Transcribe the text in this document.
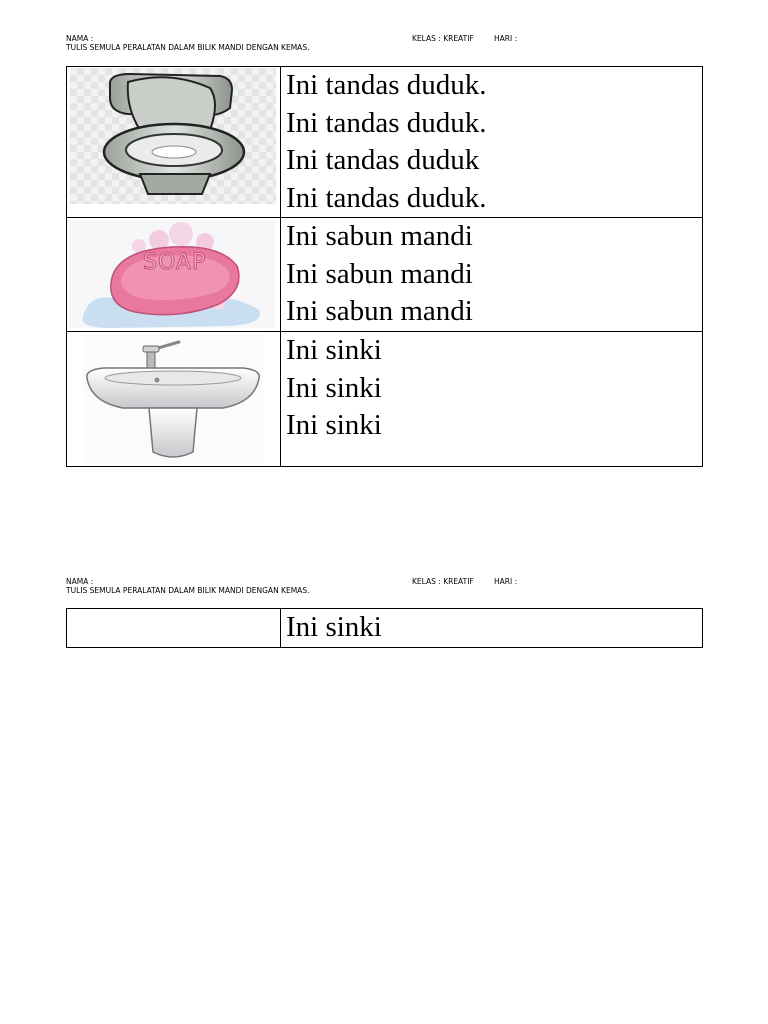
NAMA :	KELAS : KREATIF	HARI :
TULIS SEMULA PERALATAN DALAM BILIK MANDI DENGAN KEMAS.

Ini tandas duduk.
Ini tandas duduk.
Ini tandas duduk
Ini tandas duduk.

SOAP	Ini sabun mandi
Ini sabun mandi
Ini sabun mandi

Ini sinki
Ini sinki
Ini sinki
NAMA :	KELAS : KREATIF	HARI :
TULIS SEMULA PERALATAN DALAM BILIK MANDI DENGAN KEMAS.

Ini sinki
